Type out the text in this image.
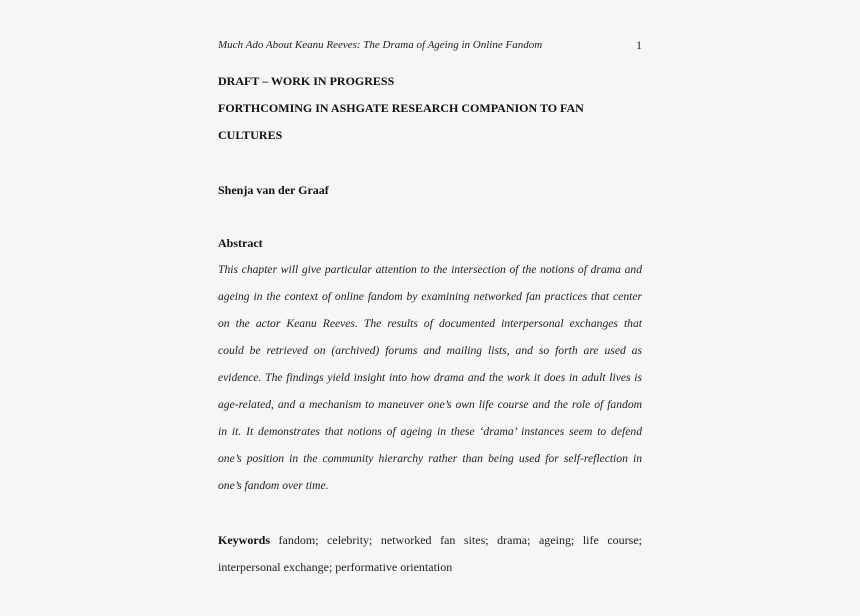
Much Ado About Keanu Reeves: The Drama of Ageing in Online Fandom	1
DRAFT – WORK IN PROGRESS
FORTHCOMING IN ASHGATE RESEARCH COMPANION TO FAN
CULTURES
Shenja van der Graaf
Abstract
This chapter will give particular attention to the intersection of the notions of drama and
ageing in the context of online fandom by examining networked fan practices that center
on the actor Keanu Reeves. The results of documented interpersonal exchanges that
could be retrieved on (archived) forums and mailing lists, and so forth are used as
evidence. The findings yield insight into how drama and the work it does in adult lives is
age-related, and a mechanism to maneuver one’s own life course and the role of fandom
in it. It demonstrates that notions of ageing in these ‘drama’ instances seem to defend
one’s position in the community hierarchy rather than being used for self-reflection in
one’s fandom over time.
Keywords fandom; celebrity; networked fan sites; drama; ageing; life course;
interpersonal exchange; performative orientation
